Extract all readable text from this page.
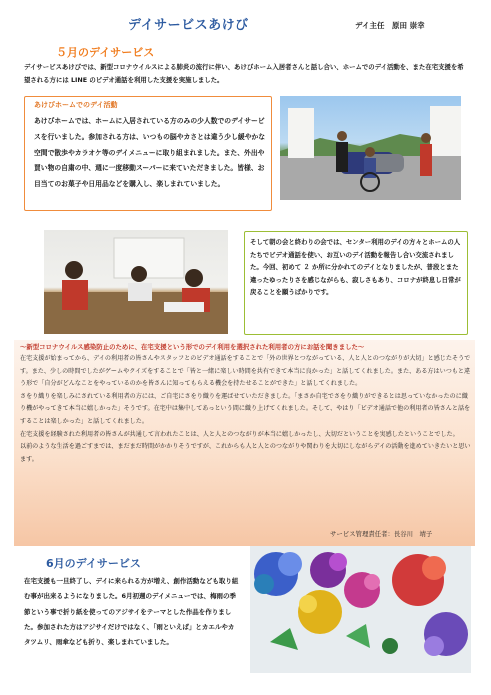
デイサービスあけび	デイ主任　原田 崇幸
５月のデイサービス
デイサービスあけびでは、新型コロナウイルスによる肺炎の流行に伴い、あけびホーム入居者さんと話し合い、ホームでのデイ活動を、また在宅支援を希望される方には LINE のビデオ通話を利用した支援を実施しました。
あけびホームでのデイ活動
あけびホームでは、ホームに入居されている方のみの少人数でのデイサービスを行いました。参加される方は、いつもの脳やカさとは違う少し緩やかな空間で散歩やカラオケ等のデイメニューに取り組まれました。また、外出や買い物の自粛の中、週に一度移動スーパーに来ていただきました。皆様、お目当てのお菓子や日用品などを購入し、楽しまれていました。
そして朝の会と終わりの会では、センター利用のデイの方々とホームの人たちでビデオ通話を使い、お互いのデイ活動を報告し合い交流されました。今回、初めて ２ か所に分かれてのデイとなりましたが、普段とまた違ったゆったりさを感じながらも、寂しさもあり、コロナが終息し日常が戻ることを願うばかりです。
～新型コロナウイルス感染防止のために、在宅支援という形でのデイ利用を選択された利用者の方にお話を聞きました～

在宅支援が始まってから、デイの利用者の皆さんやスタッフとのビデオ通話をすることで「外の世界とつながっている、人と人とのつながりが大切」と感じたそうです。また、少しの時間でしたがゲームやクイズをすることで「皆と一緒に楽しい時間を共有できて本当に良かった」と話してくれました。また、ある方はいつもと違う形で「自分がどんなことをやっているのかを皆さんに知ってもらえる機会を持たせることができた」と話してくれました。

さをり織りを楽しみにされている利用者の方には、ご自宅にさをり織りを運ばせていただきました。「まさか自宅でさをり織りができるとは思っていなかったのに織り機がやってきて本当に嬉しかった」そうです。在宅中は集中してあっという間に織り上げてくれました。そして、やはり「ビデオ通話で他の利用者の皆さんと話をすることは楽しかった」と話してくれました。

在宅支援を経験された利用者の皆さんが共通して言われたことは、人と人とのつながりが本当に嬉しかったし、大切だということを実感したということでした。

以前のような生活を過ごすまでは、まだまだ時間がかかりそうですが、これからも人と人とのつながりや関わりを大切にしながらデイの活動を進めていきたいと思います。

サービス管理責任者：長谷川　靖子
6月のデイサービス
在宅支援も一旦終了し、デイに来られる方が増え、創作活動なども取り組む事が出来るようになりました。6月初週のデイメニューでは、梅雨の季節という事で折り紙を使ってのアジサイをテーマとした作品を作りました。参加された方はアジサイだけではなく、「雨といえば」とカエルやカタツムリ、雨傘なども折り、楽しまれていました。
